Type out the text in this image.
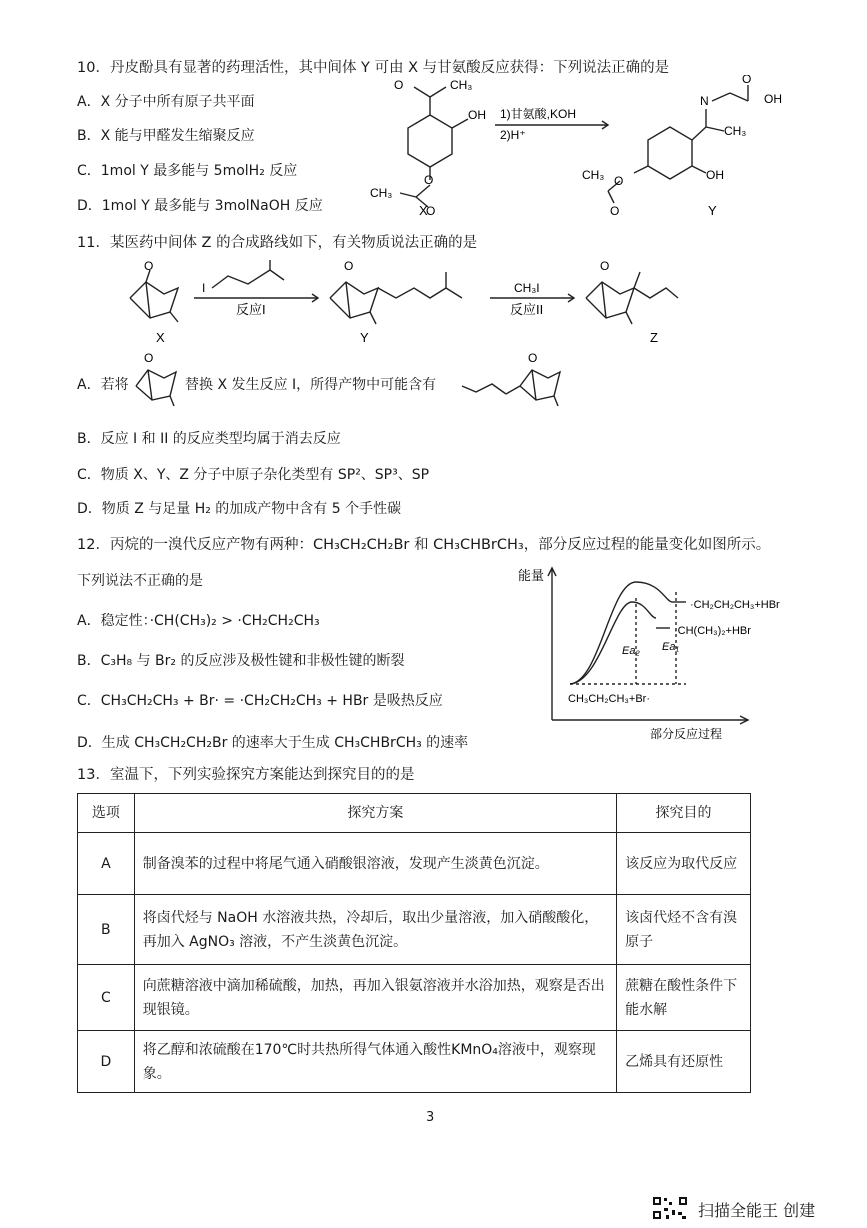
10．丹皮酚具有显著的药理活性，其中间体 Y 可由 X 与甘氨酸反应获得：下列说法正确的是
A．X 分子中所有原子共平面
B．X 能与甲醛发生缩聚反应
C．1mol Y 最多能与 5molH₂ 反应
D．1mol Y 最多能与 3molNaOH 反应
O	CH₃
OH
O
O
CH₃
1)甘氨酸,KOH
2)H⁺
N	OH
O
CH₃
OH
O
CH₃
O
X	Y
11．某医药中间体 Z 的合成路线如下，有关物质说法正确的是
O
I
反应I
O
CH₃I
反应II
O
X	Y	Z
A．若将
O
替换 X 发生反应 I，所得产物中可能含有
O
B．反应 I 和 II 的反应类型均属于消去反应
C．物质 X、Y、Z 分子中原子杂化类型有 SP²、SP³、SP
D．物质 Z 与足量 H₂ 的加成产物中含有 5 个手性碳
12．丙烷的一溴代反应产物有两种：CH₃CH₂CH₂Br 和 CH₃CHBrCH₃，部分反应过程的能量变化如图所示。
下列说法不正确的是
A．稳定性：·CH(CH₃)₂ > ·CH₂CH₂CH₃
B．C₃H₈ 与 Br₂ 的反应涉及极性键和非极性键的断裂
C．CH₃CH₂CH₃ + Br· = ·CH₂CH₂CH₃ + HBr 是吸热反应
D．生成 CH₃CH₂CH₂Br 的速率大于生成 CH₃CHBrCH₃ 的速率
能量
部分反应过程
CH₃CH₂CH₃+Br·
·CH₂CH₂CH₃+HBr
·CH(CH₃)₂+HBr
Ea₂ Ea₁
13．室温下，下列实验探究方案能达到探究目的的是
选项	探究方案	探究目的
A	制备溴苯的过程中将尾气通入硝酸银溶液，发现产生淡黄色沉淀。	该反应为取代反应
B	将卤代烃与 NaOH 水溶液共热，冷却后，取出少量溶液，加入硝酸酸化，再加入 AgNO₃ 溶液，不产生淡黄色沉淀。	该卤代烃不含有溴原子
C	向蔗糖溶液中滴加稀硫酸，加热，再加入银氨溶液并水浴加热，观察是否出现银镜。	蔗糖在酸性条件下能水解
D	将乙醇和浓硫酸在170℃时共热所得气体通入酸性KMnO₄溶液中，观察现象。	乙烯具有还原性
3
扫描全能王 创建
